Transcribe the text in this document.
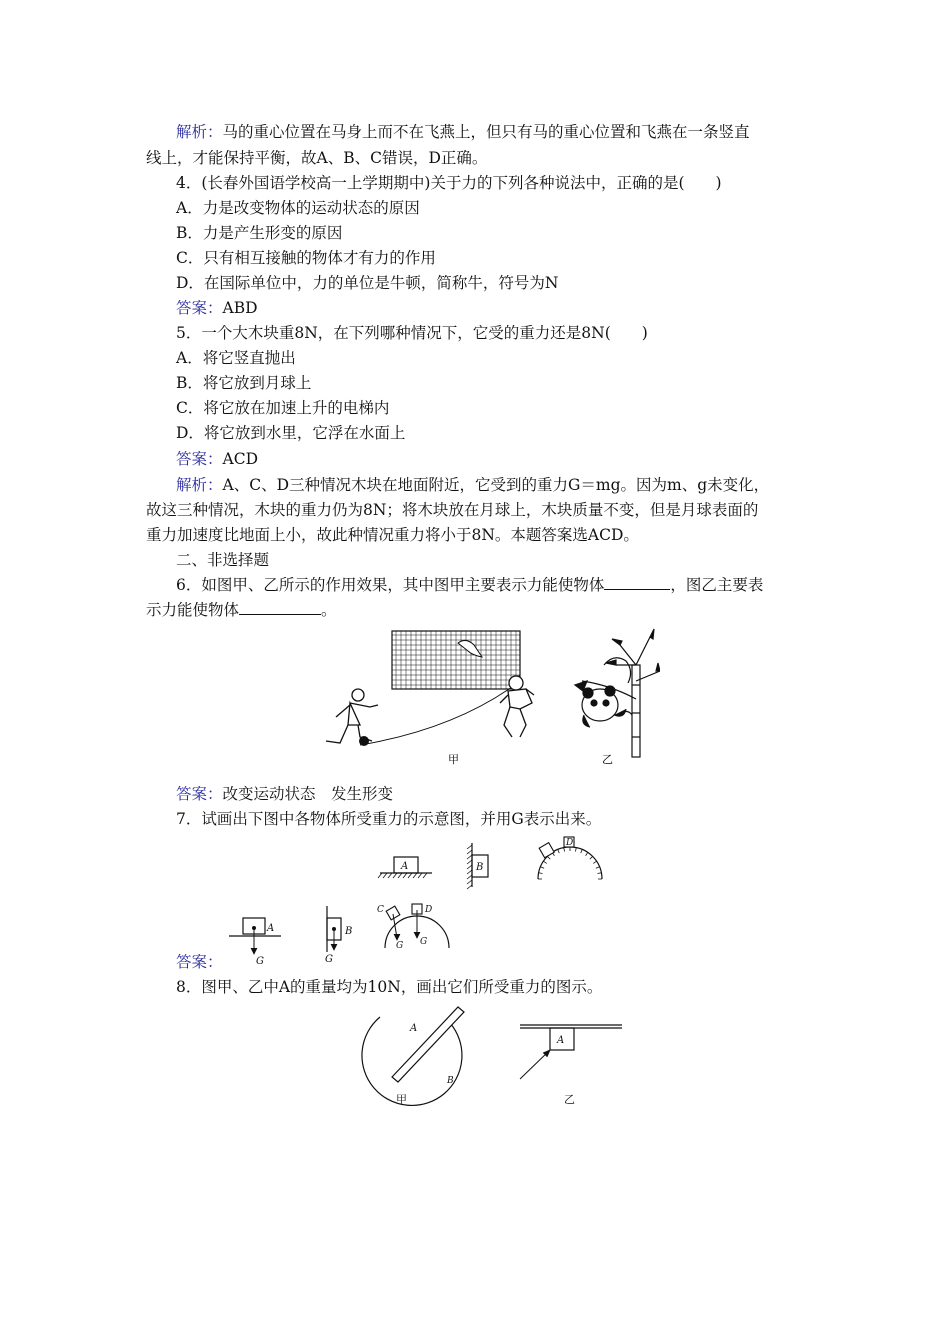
解析：马的重心位置在马身上而不在飞燕上，但只有马的重心位置和飞燕在一条竖直
线上，才能保持平衡，故A、B、C错误，D正确。
4．(长春外国语学校高一上学期期中)关于力的下列各种说法中，正确的是(　　)
A．力是改变物体的运动状态的原因
B．力是产生形变的原因
C．只有相互接触的物体才有力的作用
D．在国际单位中，力的单位是牛顿，简称牛，符号为N
答案：ABD
5．一个大木块重8N，在下列哪种情况下，它受的重力还是8N(　　)
A．将它竖直抛出
B．将它放到月球上
C．将它放在加速上升的电梯内
D．将它放到水里，它浮在水面上
答案：ACD
解析：A、C、D三种情况木块在地面附近，它受到的重力G＝mg。因为m、g未变化，
故这三种情况，木块的重力仍为8N；将木块放在月球上，木块质量不变，但是月球表面的
重力加速度比地面上小，故此种情况重力将小于8N。本题答案选ACD。
二、非选择题
6．如图甲、乙所示的作用效果，其中图甲主要表示力能使物体	，图乙主要表
示力能使物体	。
甲	乙
答案：改变运动状态　发生形变
7．试画出下图中各物体所受重力的示意图，并用G表示出来。
A	B
D
A
G
B
G
C	D
G G
答案：
8．图甲、乙中A的重量均为10N，画出它们所受重力的图示。
A
B
甲
A
乙
